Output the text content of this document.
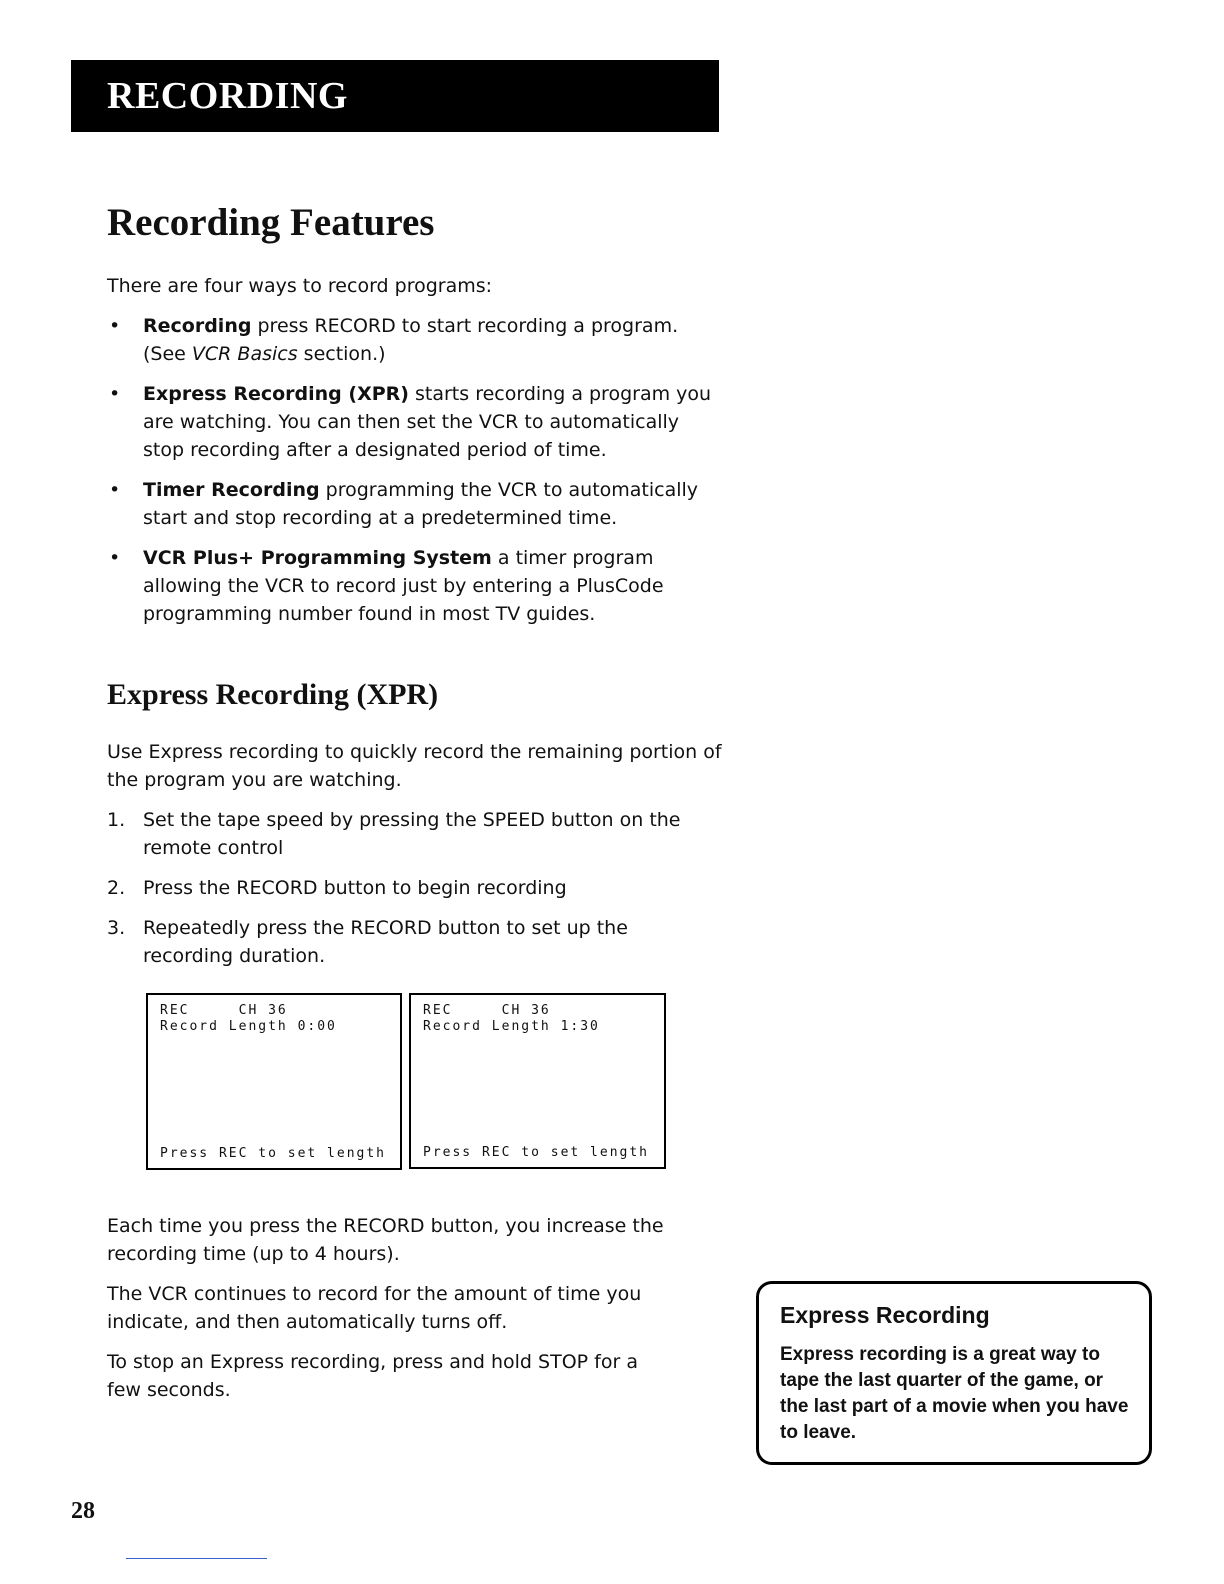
RECORDING
Recording Features

There are four ways to record programs:

• Recording press RECORD to start recording a program. (See VCR Basics section.)
• Express Recording (XPR) starts recording a program you are watching. You can then set the VCR to automatically stop recording after a designated period of time.
• Timer Recording programming the VCR to automatically start and stop recording at a predetermined time.
• VCR Plus+ Programming System a timer program allowing the VCR to record just by entering a PlusCode programming number found in most TV guides.
Express Recording (XPR)

Use Express recording to quickly record the remaining portion of the program you are watching.

1. Set the tape speed by pressing the SPEED button on the remote control
2. Press the RECORD button to begin recording
3. Repeatedly press the RECORD button to set up the recording duration.

Each time you press the RECORD button, you increase the recording time (up to 4 hours).

The VCR continues to record for the amount of time you indicate, and then automatically turns off.

To stop an Express recording, press and hold STOP for a few seconds.

REC     CH 36
Record Length 0:00
Press REC to set length
REC     CH 36
Record Length 1:30
Press REC to set length

Express Recording

Express recording is a great way to tape the last quarter of the game, or the last part of a movie when you have to leave.

28
